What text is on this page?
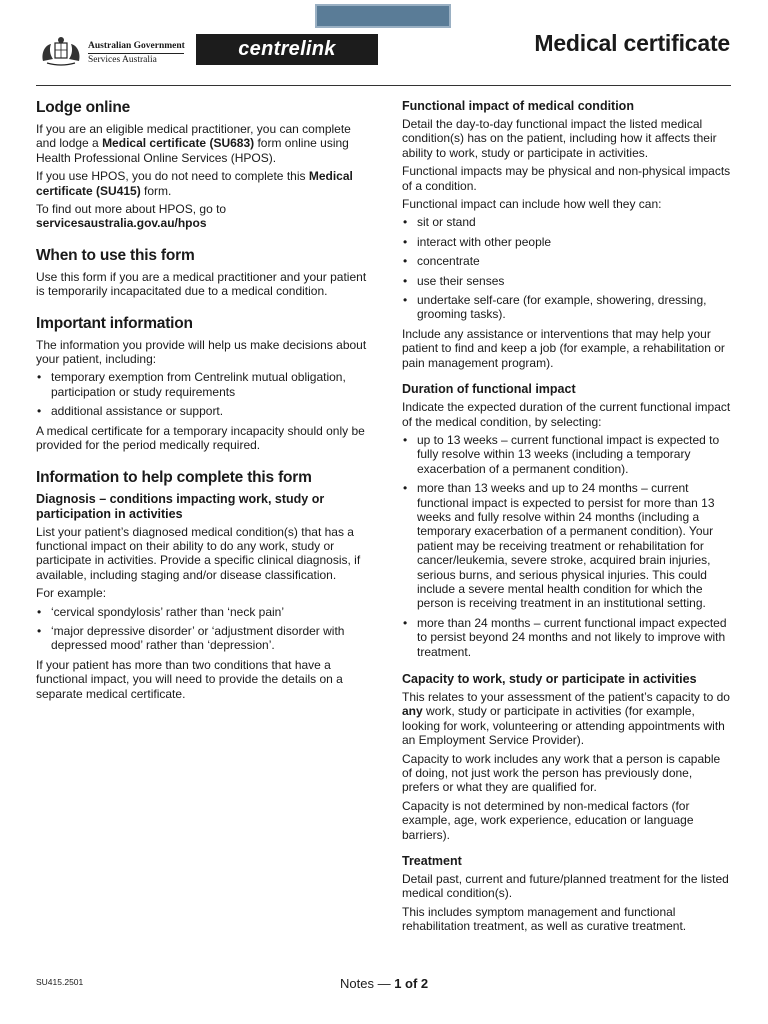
Australian Government
Services Australia	centrelink	Medical certificate
Lodge online

If you are an eligible medical practitioner, you can complete and lodge a Medical certificate (SU683) form online using Health Professional Online Services (HPOS).

If you use HPOS, you do not need to complete this Medical certificate (SU415) form.

To find out more about HPOS, go to
servicesaustralia.gov.au/hpos

When to use this form

Use this form if you are a medical practitioner and your patient is temporarily incapacitated due to a medical condition.

Important information

The information you provide will help us make decisions about your patient, including:

• temporary exemption from Centrelink mutual obligation, participation or study requirements
• additional assistance or support.

A medical certificate for a temporary incapacity should only be provided for the period medically required.

Information to help complete this form
Diagnosis – conditions impacting work, study or participation in activities

List your patient’s diagnosed medical condition(s) that has a functional impact on their ability to do any work, study or participate in activities. Provide a specific clinical diagnosis, if available, including staging and/or disease classification.

For example:

• ‘cervical spondylosis’ rather than ‘neck pain’
• ‘major depressive disorder’ or ‘adjustment disorder with depressed mood’ rather than ‘depression’.

If your patient has more than two conditions that have a functional impact, you will need to provide the details on a separate medical certificate.

Functional impact of medical condition

Detail the day-to-day functional impact the listed medical condition(s) has on the patient, including how it affects their ability to work, study or participate in activities.

Functional impacts may be physical and non-physical impacts of a condition.

Functional impact can include how well they can:

• sit or stand
• interact with other people
• concentrate
• use their senses
• undertake self-care (for example, showering, dressing, grooming tasks).

Include any assistance or interventions that may help your patient to find and keep a job (for example, a rehabilitation or pain management program).

Duration of functional impact

Indicate the expected duration of the current functional impact of the medical condition, by selecting:

• up to 13 weeks – current functional impact is expected to fully resolve within 13 weeks (including a temporary exacerbation of a permanent condition).
• more than 13 weeks and up to 24 months – current functional impact is expected to persist for more than 13 weeks and fully resolve within 24 months (including a temporary exacerbation of a permanent condition). Your patient may be receiving treatment or rehabilitation for cancer/leukemia, severe stroke, acquired brain injuries, serious burns, and serious physical injuries. This could include a severe mental health condition for which the person is receiving treatment in an institutional setting.
• more than 24 months – current functional impact expected to persist beyond 24 months and not likely to improve with treatment.
Capacity to work, study or participate in activities

This relates to your assessment of the patient’s capacity to do any work, study or participate in activities (for example, looking for work, volunteering or attending appointments with an Employment Service Provider).

Capacity to work includes any work that a person is capable of doing, not just work the person has previously done, prefers or what they are qualified for.

Capacity is not determined by non-medical factors (for example, age, work experience, education or language barriers).

Treatment

Detail past, current and future/planned treatment for the listed medical condition(s).

This includes symptom management and functional rehabilitation treatment, as well as curative treatment.

SU415.2501	Notes — 1 of 2
